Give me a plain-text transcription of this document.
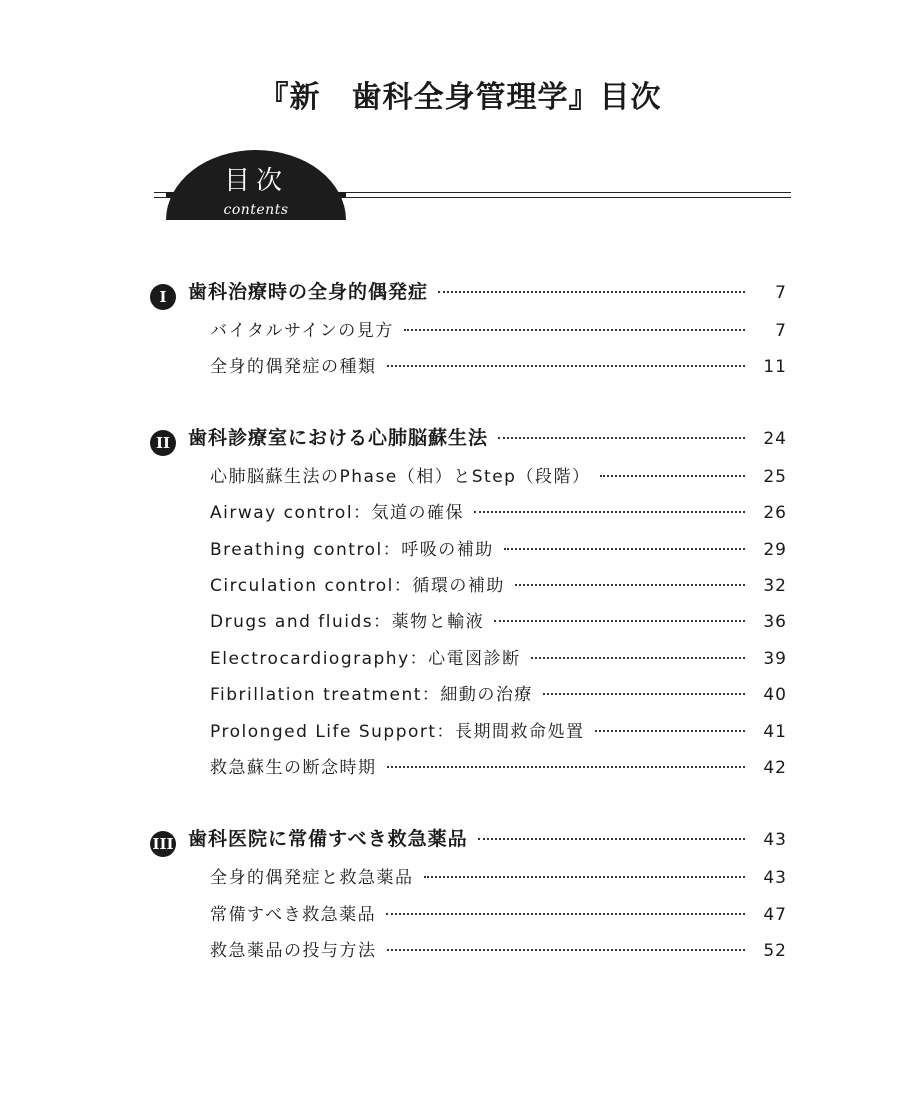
『新　歯科全身管理学』目次
目次
contents
I	歯科治療時の全身的偶発症	7
バイタルサインの見方	7
全身的偶発症の種類	11
II 歯科診療室における心肺脳蘇生法	24
心肺脳蘇生法のPhase（相）とStep（段階）	25
Airway control：気道の確保	26
Breathing control：呼吸の補助	29
Circulation control：循環の補助	32
Drugs and fluids：薬物と輸液	36
Electrocardiography：心電図診断	39
Fibrillation treatment：細動の治療	40
Prolonged Life Support：長期間救命処置	41
救急蘇生の断念時期	42
III 歯科医院に常備すべき救急薬品	43
全身的偶発症と救急薬品	43
常備すべき救急薬品	47
救急薬品の投与方法	52
